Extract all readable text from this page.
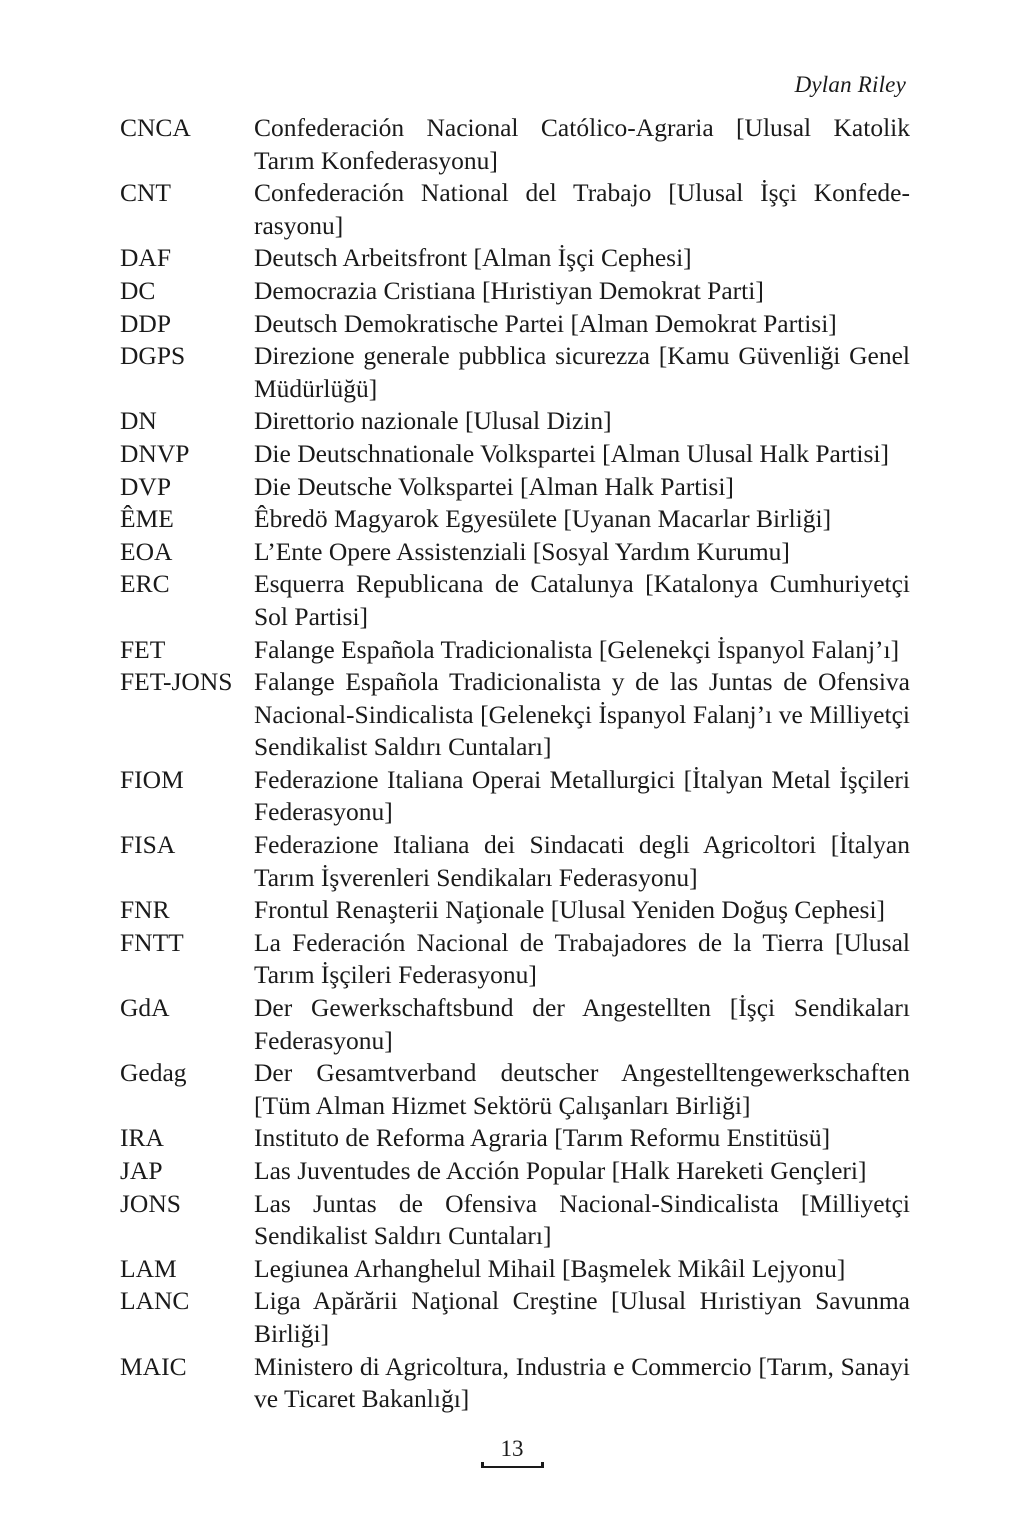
Dylan Riley
CNCA	Confederación Nacional Católico-Agraria [Ulusal Katolik Tarım Konfederasyonu]
CNT	Confederación National del Trabajo [Ulusal İşçi Konfederasyonu]
DAF	Deutsch Arbeitsfront [Alman İşçi Cephesi]
DC	Democrazia Cristiana [Hıristiyan Demokrat Parti]
DDP	Deutsch Demokratische Partei [Alman Demokrat Partisi]
DGPS	Direzione generale pubblica sicurezza [Kamu Güvenliği Genel Müdürlüğü]
DN	Direttorio nazionale [Ulusal Dizin]
DNVP	Die Deutschnationale Volkspartei [Alman Ulusal Halk Partisi]
DVP	Die Deutsche Volkspartei [Alman Halk Partisi]
ÊME	Êbredö Magyarok Egyesülete [Uyanan Macarlar Birliği]
EOA	L’Ente Opere Assistenziali [Sosyal Yardım Kurumu]
ERC	Esquerra Republicana de Catalunya [Katalonya Cumhuriyetçi Sol Partisi]
FET	Falange Española Tradicionalista [Gelenekçi İspanyol Falanj’ı]
FET-JONS Falange Española Tradicionalista y de las Juntas de Ofensiva Nacional-Sindicalista [Gelenekçi İspanyol Falanj’ı ve Milliyetçi Sendikalist Saldırı Cuntaları]
FIOM	Federazione Italiana Operai Metallurgici [İtalyan Metal İşçileri Federasyonu]
FISA	Federazione Italiana dei Sindacati degli Agricoltori [İtalyan Tarım İşverenleri Sendikaları Federasyonu]
FNR	Frontul Renaşterii Naţionale [Ulusal Yeniden Doğuş Cephesi]
FNTT	La Federación Nacional de Trabajadores de la Tierra [Ulusal Tarım İşçileri Federasyonu]
GdA	Der Gewerkschaftsbund der Angestellten [İşçi Sendikaları Federasyonu]
Gedag	Der Gesamtverband deutscher Angestelltengewerkschaften [Tüm Alman Hizmet Sektörü Çalışanları Birliği]
IRA	Instituto de Reforma Agraria [Tarım Reformu Enstitüsü]
JAP	Las Juventudes de Acción Popular [Halk Hareketi Gençleri]
JONS	Las Juntas de Ofensiva Nacional-Sindicalista [Milliyetçi Sendikalist Saldırı Cuntaları]
LAM	Legiunea Arhanghelul Mihail [Başmelek Mikâil Lejyonu]
LANC	Liga Apărării Naţional Creştine [Ulusal Hıristiyan Savunma Birliği]
MAIC	Ministero di Agricoltura, Industria e Commercio [Tarım, Sanayi ve Ticaret Bakanlığı]
13
